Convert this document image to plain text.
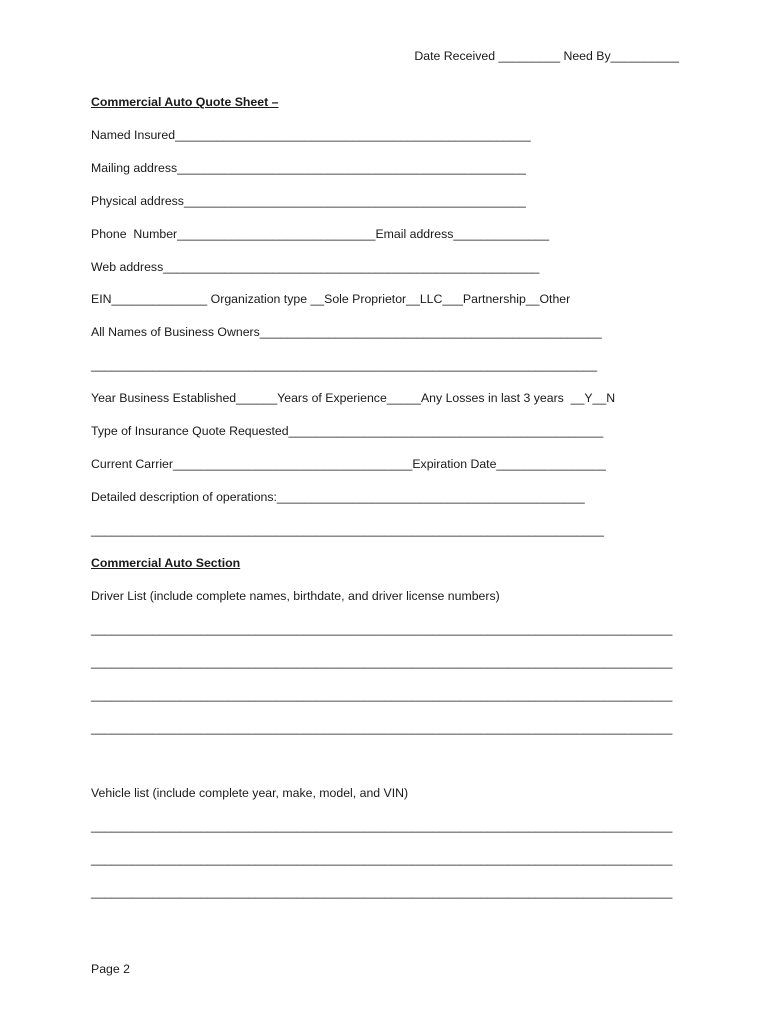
Date Received _________ Need By__________
Commercial Auto Quote Sheet –
Named Insured____________________________________________________
Mailing address___________________________________________________
Physical address__________________________________________________
Phone  Number_____________________________Email address______________
Web address_______________________________________________________
EIN______________ Organization type __Sole Proprietor__LLC___Partnership__Other
All Names of Business Owners__________________________________________________
__________________________________________________________________________
Year Business Established______Years of Experience_____Any Losses in last 3 years  __Y__N
Type of Insurance Quote Requested______________________________________________
Current Carrier___________________________________Expiration Date________________
Detailed description of operations:_____________________________________________
___________________________________________________________________________
Commercial Auto Section
Driver List (include complete names, birthdate, and driver license numbers)
_____________________________________________________________________________________
_____________________________________________________________________________________
_____________________________________________________________________________________
_____________________________________________________________________________________
Vehicle list (include complete year, make, model, and VIN)
_____________________________________________________________________________________
_____________________________________________________________________________________
_____________________________________________________________________________________
Page 2
